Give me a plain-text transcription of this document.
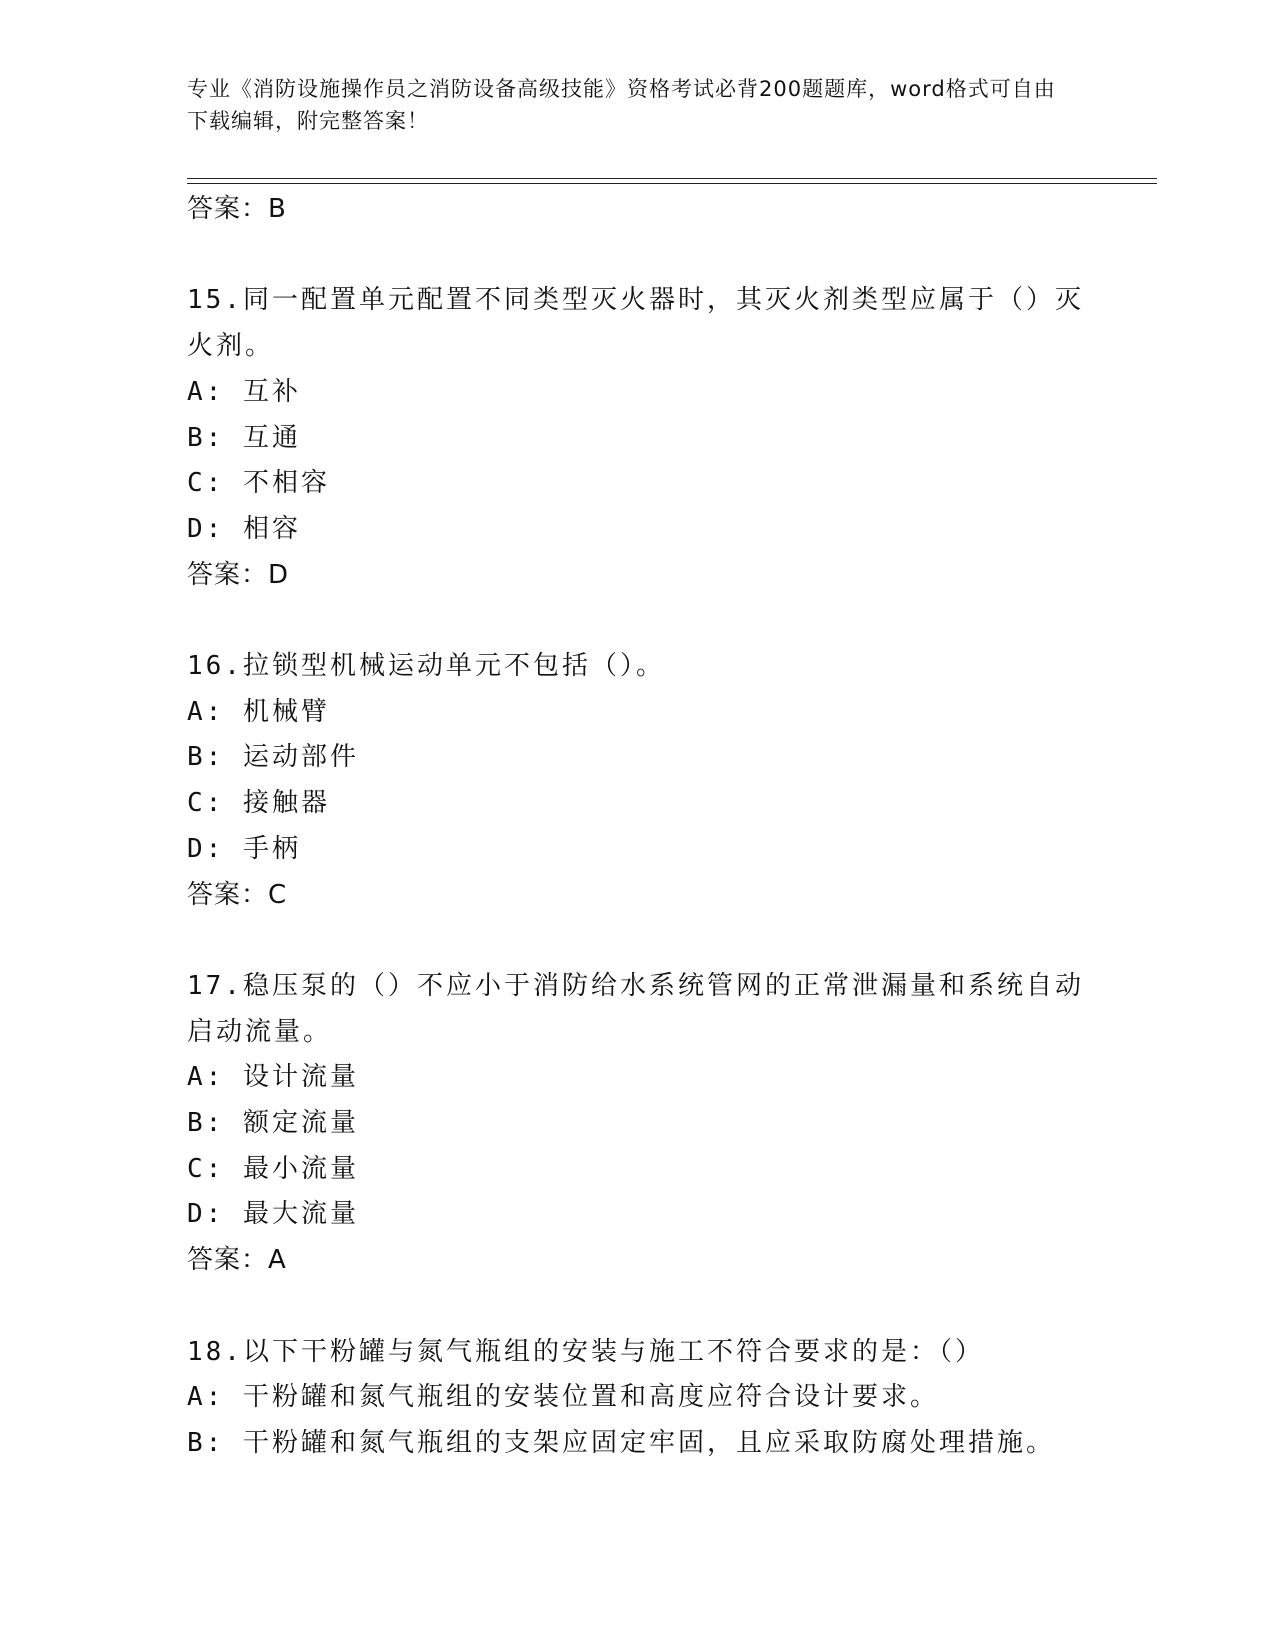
专业《消防设施操作员之消防设备高级技能》资格考试必背200题题库，word格式可自由下载编辑，附完整答案！
答案：B
15.同一配置单元配置不同类型灭火器时，其灭火剂类型应属于（）灭火剂。
A: 互补
B: 互通
C: 不相容
D: 相容
答案：D
16.拉锁型机械运动单元不包括（）。
A: 机械臂
B: 运动部件
C: 接触器
D: 手柄
答案：C
17.稳压泵的（）不应小于消防给水系统管网的正常泄漏量和系统自动启动流量。
A: 设计流量
B: 额定流量
C: 最小流量
D: 最大流量
答案：A
18.以下干粉罐与氮气瓶组的安装与施工不符合要求的是：（）
A: 干粉罐和氮气瓶组的安装位置和高度应符合设计要求。
B: 干粉罐和氮气瓶组的支架应固定牢固，且应采取防腐处理措施。
